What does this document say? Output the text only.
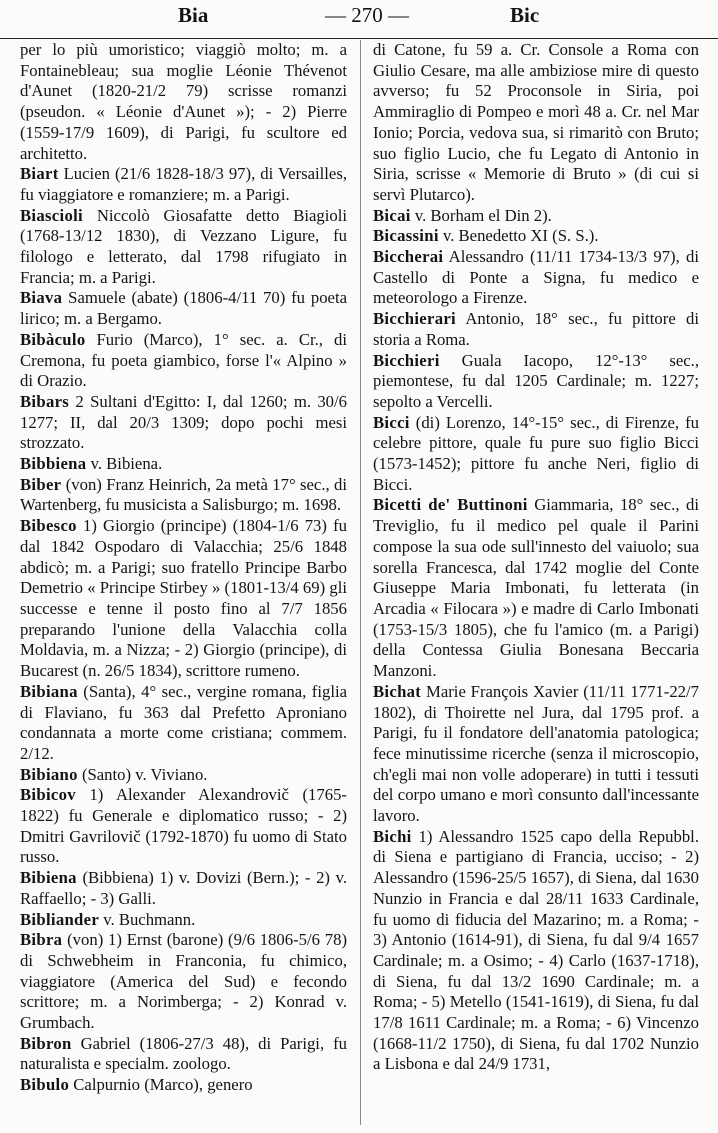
Bia	— 270 —	Bic

per lo più umoristico; viaggiò molto; m. a Fontainebleau; sua moglie Léonie Thévenot d'Aunet (1820-21/2 79) scrisse romanzi (pseudon. « Léonie d'Aunet »); - 2) Pierre (1559-17/9 1609), di Parigi, fu scultore ed architetto.

Biart Lucien (21/6 1828-18/3 97), di Versailles, fu viaggiatore e romanziere; m. a Parigi.

Biascioli Niccolò Giosafatte detto Biagioli (1768-13/12 1830), di Vezzano Ligure, fu filologo e letterato, dal 1798 rifugiato in Francia; m. a Parigi.

Biava Samuele (abate) (1806-4/11 70) fu poeta lirico; m. a Bergamo.

Bibàculo Furio (Marco), 1° sec. a. Cr., di Cremona, fu poeta giambico, forse l'« Alpino » di Orazio.

Bibars 2 Sultani d'Egitto: I, dal 1260; m. 30/6 1277; II, dal 20/3 1309; dopo pochi mesi strozzato.

Bibbiena v. Bibiena.

Biber (von) Franz Heinrich, 2a metà 17° sec., di Wartenberg, fu musicista a Salisburgo; m. 1698.

Bibesco 1) Giorgio (principe) (1804-1/6 73) fu dal 1842 Ospodaro di Valacchia; 25/6 1848 abdicò; m. a Parigi; suo fratello Principe Barbo Demetrio « Principe Stirbey » (1801-13/4 69) gli successe e tenne il posto fino al 7/7 1856 preparando l'unione della Valacchia colla Moldavia, m. a Nizza; - 2) Giorgio (principe), di Bucarest (n. 26/5 1834), scrittore rumeno.

Bibiana (Santa), 4° sec., vergine romana, figlia di Flaviano, fu 363 dal Prefetto Aproniano condannata a morte come cristiana; commem. 2/12.

Bibiano (Santo) v. Viviano.

Bibicov 1) Alexander Alexandrovič (1765-1822) fu Generale e diplomatico russo; - 2) Dmitri Gavrilovič (1792-1870) fu uomo di Stato russo.

Bibiena (Bibbiena) 1) v. Dovizi (Bern.); - 2) v. Raffaello; - 3) Galli.

Bibliander v. Buchmann.

Bibra (von) 1) Ernst (barone) (9/6 1806-5/6 78) di Schwebheim in Franconia, fu chimico, viaggiatore (America del Sud) e fecondo scrittore; m. a Norimberga; - 2) Konrad v. Grumbach.

Bibron Gabriel (1806-27/3 48), di Parigi, fu naturalista e specialm. zoologo.

Bibulo Calpurnio (Marco), genero

di Catone, fu 59 a. Cr. Console a Roma con Giulio Cesare, ma alle ambiziose mire di questo avverso; fu 52 Proconsole in Siria, poi Ammiraglio di Pompeo e morì 48 a. Cr. nel Mar Ionio; Porcia, vedova sua, si rimaritò con Bruto; suo figlio Lucio, che fu Legato di Antonio in Siria, scrisse « Memorie di Bruto » (di cui si servì Plutarco).

Bicai v. Borham el Din 2).

Bicassini v. Benedetto XI (S. S.).

Biccherai Alessandro (11/11 1734-13/3 97), di Castello di Ponte a Signa, fu medico e meteorologo a Firenze.

Bicchierari Antonio, 18° sec., fu pittore di storia a Roma.

Bicchieri Guala Iacopo, 12°-13° sec., piemontese, fu dal 1205 Cardinale; m. 1227; sepolto a Vercelli.

Bicci (di) Lorenzo, 14°-15° sec., di Firenze, fu celebre pittore, quale fu pure suo figlio Bicci (1573-1452); pittore fu anche Neri, figlio di Bicci.

Bicetti de' Buttinoni Giammaria, 18° sec., di Treviglio, fu il medico pel quale il Parini compose la sua ode sull'innesto del vaiuolo; sua sorella Francesca, dal 1742 moglie del Conte Giuseppe Maria Imbonati, fu letterata (in Arcadia « Filocara ») e madre di Carlo Imbonati (1753-15/3 1805), che fu l'amico (m. a Parigi) della Contessa Giulia Bonesana Beccaria Manzoni.

Bichat Marie François Xavier (11/11 1771-22/7 1802), di Thoirette nel Jura, dal 1795 prof. a Parigi, fu il fondatore dell'anatomia patologica; fece minutissime ricerche (senza il microscopio, ch'egli mai non volle adoperare) in tutti i tessuti del corpo umano e morì consunto dall'incessante lavoro.

Bichi 1) Alessandro 1525 capo della Repubbl. di Siena e partigiano di Francia, ucciso; - 2) Alessandro (1596-25/5 1657), di Siena, dal 1630 Nunzio in Francia e dal 28/11 1633 Cardinale, fu uomo di fiducia del Mazarino; m. a Roma; - 3) Antonio (1614-91), di Siena, fu dal 9/4 1657 Cardinale; m. a Osimo; - 4) Carlo (1637-1718), di Siena, fu dal 13/2 1690 Cardinale; m. a Roma; - 5) Metello (1541-1619), di Siena, fu dal 17/8 1611 Cardinale; m. a Roma; - 6) Vincenzo (1668-11/2 1750), di Siena, fu dal 1702 Nunzio a Lisbona e dal 24/9 1731,
